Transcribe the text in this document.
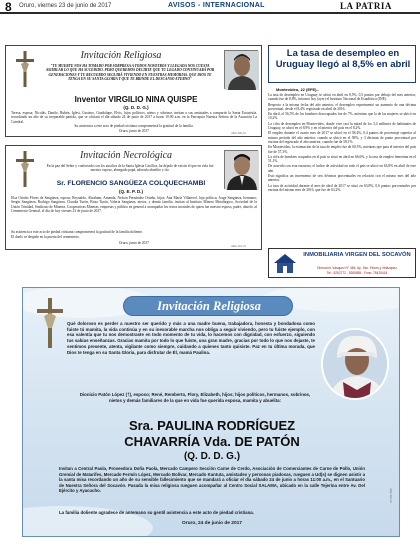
8 Oruro, viernes 23 de junio de 2017	AVISOS - INTERNACIONAL	LA PATRIA
Invitación Religiosa
"TU MUERTE NOS HA TOMADO POR SORPRESA A TODOS NOSOTROS Y LLEGADA NOS CUESTA ASIMILAR LO QUE HA SUCEDIDO. PERO QUEREMOS DECIRTE QUE TU LEGADO CONTINUARÁ POR GENERACIONES Y TU RECUERDO SEGUIRÁ VIVIENDO EN NUESTRAS MEMORIAS. QUE DIOS TE TENGA EN SU SANTA GLORIA Y QUE TE BRINDE EL DESCANSO ETERNO"
Inventor VIRGILIO NINA QUISPE
(Q. D. D. G.)
Teresa, esposa; Nicolás, Danilo, Rubén, Iglesi, Gustavo, Guadalupe, Elvis, hijos políticos, nietos y sobrinos invitan a sus amistades a compartir la Santa Eucaristía, recordando un año de su irreparable partida, que se oficiará el día sábado 24 de junio de 2017 a horas 10:00 a.m. en la Parroquia Nuestra Señora de la Asunción La Catedral.
Su asistencia a este acto de piedad cristiana comprometerá la gratitud de la familia.
Oruro, junio de 2017
ARG-560-16
Invitación Necrológica
En la paz del Señor y confortado con los auxilios de la Santa Iglesia Católica, ha dejado de existir el que en vida fue nuestro esposo, abnegado papá, adorado abuelito y tío:
Sr. FLORENCIO SANGÜEZA COLQUECHAMBI
(Q. E. P. D.)
Elsa Ortuño Flores de Sangüeza, esposa; Reynaldo, Abraham, Amanda, Nelson Fernández Ortuño, hijos; Ana María Villarroel, hija política; Jorge Sangüeza, hermano; Sergio Sangüeza, Rodrigo Sangüeza, Claudia Turón, Brisa Turón, Valeria Sangüeza, nietos; y demás familia, invitan al Instituto Minero Metalúrgico, Sociedad de la Unión Trinidad, Sindicato de Minería, Cooperativas Mineras, empresas y público en general a acompañar los restos mortales de quien fue nuestro esposo, padre, abuelo, al Cementerio General, el día de hoy viernes 23 de junio de 2017.
Su asistencia a este acto de piedad cristiana comprometerá la gratitud de la familia doliente.
El duelo se despide en la puerta del cementerio.
Oruro, junio de 2017
ARG-561-16
La tasa de desempleo en Uruguay llegó al 8,5% en abril
Montevideo, 22 (EFE).-

La tasa de desempleo en Uruguay se ubicó en abril en 8,5%, 0,3 puntos por debajo del mes anterior, cuando fue de 8,8%, informó hoy (ayer) el Instituto Nacional de Estadística (INE).

Respecto a la misma fecha del año anterior, el desempleo experimentó un aumento de una décima porcentual, desde el 8,4% registrado en abril de 2016.

En abril, el 56,5% de los hombres desocupados fue de 7%, mientras que la de las mujeres se ubicó en 10,2%.

La cifra de desempleo en Montevideo, donde vive casi la mitad de los 3,4 millones de habitantes de Uruguay, se ubicó en el 8,9% y en el interior del país en el 8,2%.

El empleo durante el cuarto mes de 2017 se ubicó en el 58,4%, 0,4 puntos de porcentaje superior al mismo período del año anterior, cuando se ubicó en el 58%, y 3 décimas de punto porcentual por encima del registrado el año anterior, cuando fue de 58,1%.

En Montevideo, la estimación de la tasa de empleo fue de 60,5%, mientras que para el interior del país fue de 57,3%.

La cifra de hombres ocupados en el país se situó en abril en 66,6%, y la tasa de empleo femenina en el 51,1%.

De acuerdo con esta encuesta, el índice de actividad en todo el país se ubicó en 63,8% en abril de este año.

Esto significa un incremento de seis décimas porcentuales en relación con el mismo mes del año anterior.

La tasa de actividad durante el mes de abril de 2017 se situó en 63,8%, 0,6 puntos porcentuales por encima del mismo mes de 2016, que fue de 63,2%.

INMOBILIARIA VIRGEN DEL SOCAVÓN
Dirección: Vásquez N° 484, Ap. Sec. Flores y Velázquez
Tel.: 5252772 - 5280855 - Fono: 78425418
Invitación Religiosa
Qué doloroso es perder a nuestro ser querido y más a una madre buena, trabajadora, honesta y bondadosa como fuiste tú mamita, la vida continúa y en su inexorable marcha nos obliga a seguir viviendo, pero tu fuiste ejemplo, con esa valentía que tu nos demostraste en todo momento de tu vida, lo hacemos con dignidad, con esfuerzo, siguiendo tus sabias enseñanzas. Gracias mamita por todo lo que fuiste, una gran madre, gracias por todo lo que nos dejaste, te sentimos presente, atenta, vigilante como siempre, cuidando a quienes tanto quisiste. Paz en tu última morada, que Dios te tenga en su Santa Gloria, para disfrutar de Él, mamá Paulina.
Dionicio Patón López (†), esposo; René, Remberto, Flory, Elizabeth, hijos; hijos políticos, hermanos, sobrinos, nietos y demás familiares de la que en vida fue querida esposa, mamita y abuelita:
Sra. PAULINA RODRÍGUEZ
CHAVARRÍA Vda. DE PATÓN
(Q. D. D. G.)
Invitan a Central Paola, Proveedora Doña Paola, Mercado Campero Sección Carne de Cerdo, Asociación de Comerciantes de Carne de Pollo, Unión Gremial de Matarifes, Mercado Fermín López, Mercado Bolívar, Mercado Kantuta, amistades y personas piadosas, rueguen a Ud(s) se dignen asistir a la santa misa recordando un año de su sensible fallecimiento que se mandará a oficiar el día sábado 24 de junio a horas 11:00 a.m., en el Santuario de Nuestra Señora del Socavón. Pasada la misa religiosa rueguen acompañar al Centro Social SALAMA, ubicado en la calle Tejerina entre Av. Del Ejército y Ayacucho.
La familia doliente agradece de antemano su gentil asistencia a este acto de piedad cristiana.
Oruro, 24 de junio de 2017
ARG-562-16
